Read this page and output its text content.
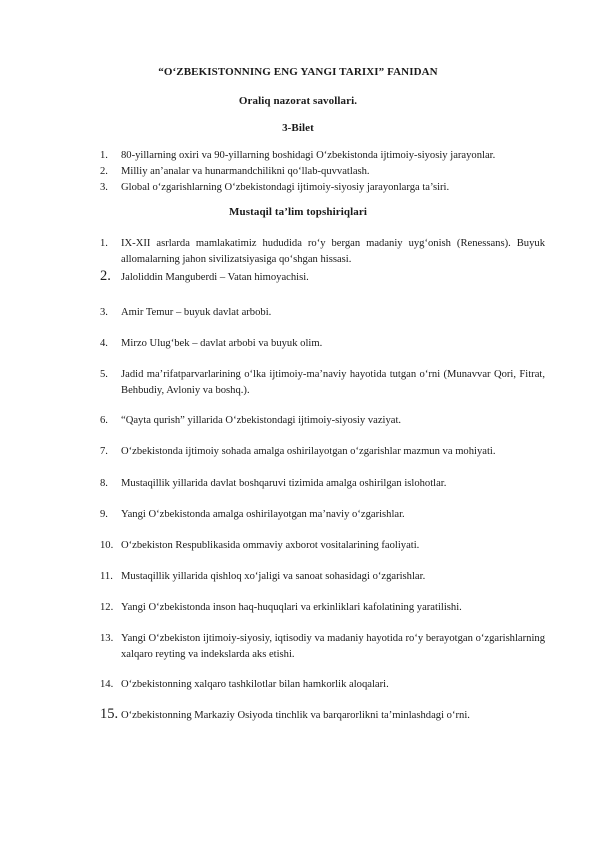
“O‘ZBEKISTONNING ENG YANGI TARIXI” FANIDAN
Oraliq nazorat savollari.
3-Bilet
1.	80-yillarning oxiri va 90-yillarning boshidagi O‘zbekistonda ijtimoiy-siyosiy jarayonlar.
2.	Milliy an’analar va hunarmandchilikni qo‘llab-quvvatlash.
3.	Global o‘zgarishlarning O‘zbekistondagi ijtimoiy-siyosiy jarayonlarga ta’siri.
Mustaqil ta’lim topshiriqlari
1.	IX-XII asrlarda mamlakatimiz hududida ro‘y bergan madaniy uyg‘onish (Renessans). Buyuk allomalarning jahon sivilizatsiyasiga qo‘shgan hissasi.
2. Jaloliddin Manguberdi – Vatan himoyachisi.
3.	Amir Temur – buyuk davlat arbobi.
4.	Mirzo Ulug‘bek – davlat arbobi va buyuk olim.
5.	Jadid ma’rifatparvarlarining o‘lka ijtimoiy-ma’naviy hayotida tutgan o‘rni (Munavvar Qori, Fitrat, Behbudiy, Avloniy va boshq.).
6.	“Qayta qurish” yillarida O‘zbekistondagi ijtimoiy-siyosiy vaziyat.
7.	O‘zbekistonda ijtimoiy sohada amalga oshirilayotgan o‘zgarishlar mazmun va mohiyati.
8.	Mustaqillik yillarida davlat boshqaruvi tizimida amalga oshirilgan islohotlar.
9.	Yangi O‘zbekistonda amalga oshirilayotgan ma’naviy o‘zgarishlar.
10. O‘zbekiston Respublikasida ommaviy axborot vositalarining faoliyati.
11. Mustaqillik yillarida qishloq xo‘jaligi va sanoat sohasidagi o‘zgarishlar.
12. Yangi O‘zbekistonda inson haq-huquqlari va erkinliklari kafolatining yaratilishi.
13. Yangi O‘zbekiston ijtimoiy-siyosiy, iqtisodiy va madaniy hayotida ro‘y berayotgan o‘zgarishlarning xalqaro reyting va indekslarda aks etishi.
14. O‘zbekistonning xalqaro tashkilotlar bilan hamkorlik aloqalari.
15. O‘zbekistonning Markaziy Osiyoda tinchlik va barqarorlikni ta’minlashdagi o‘rni.
